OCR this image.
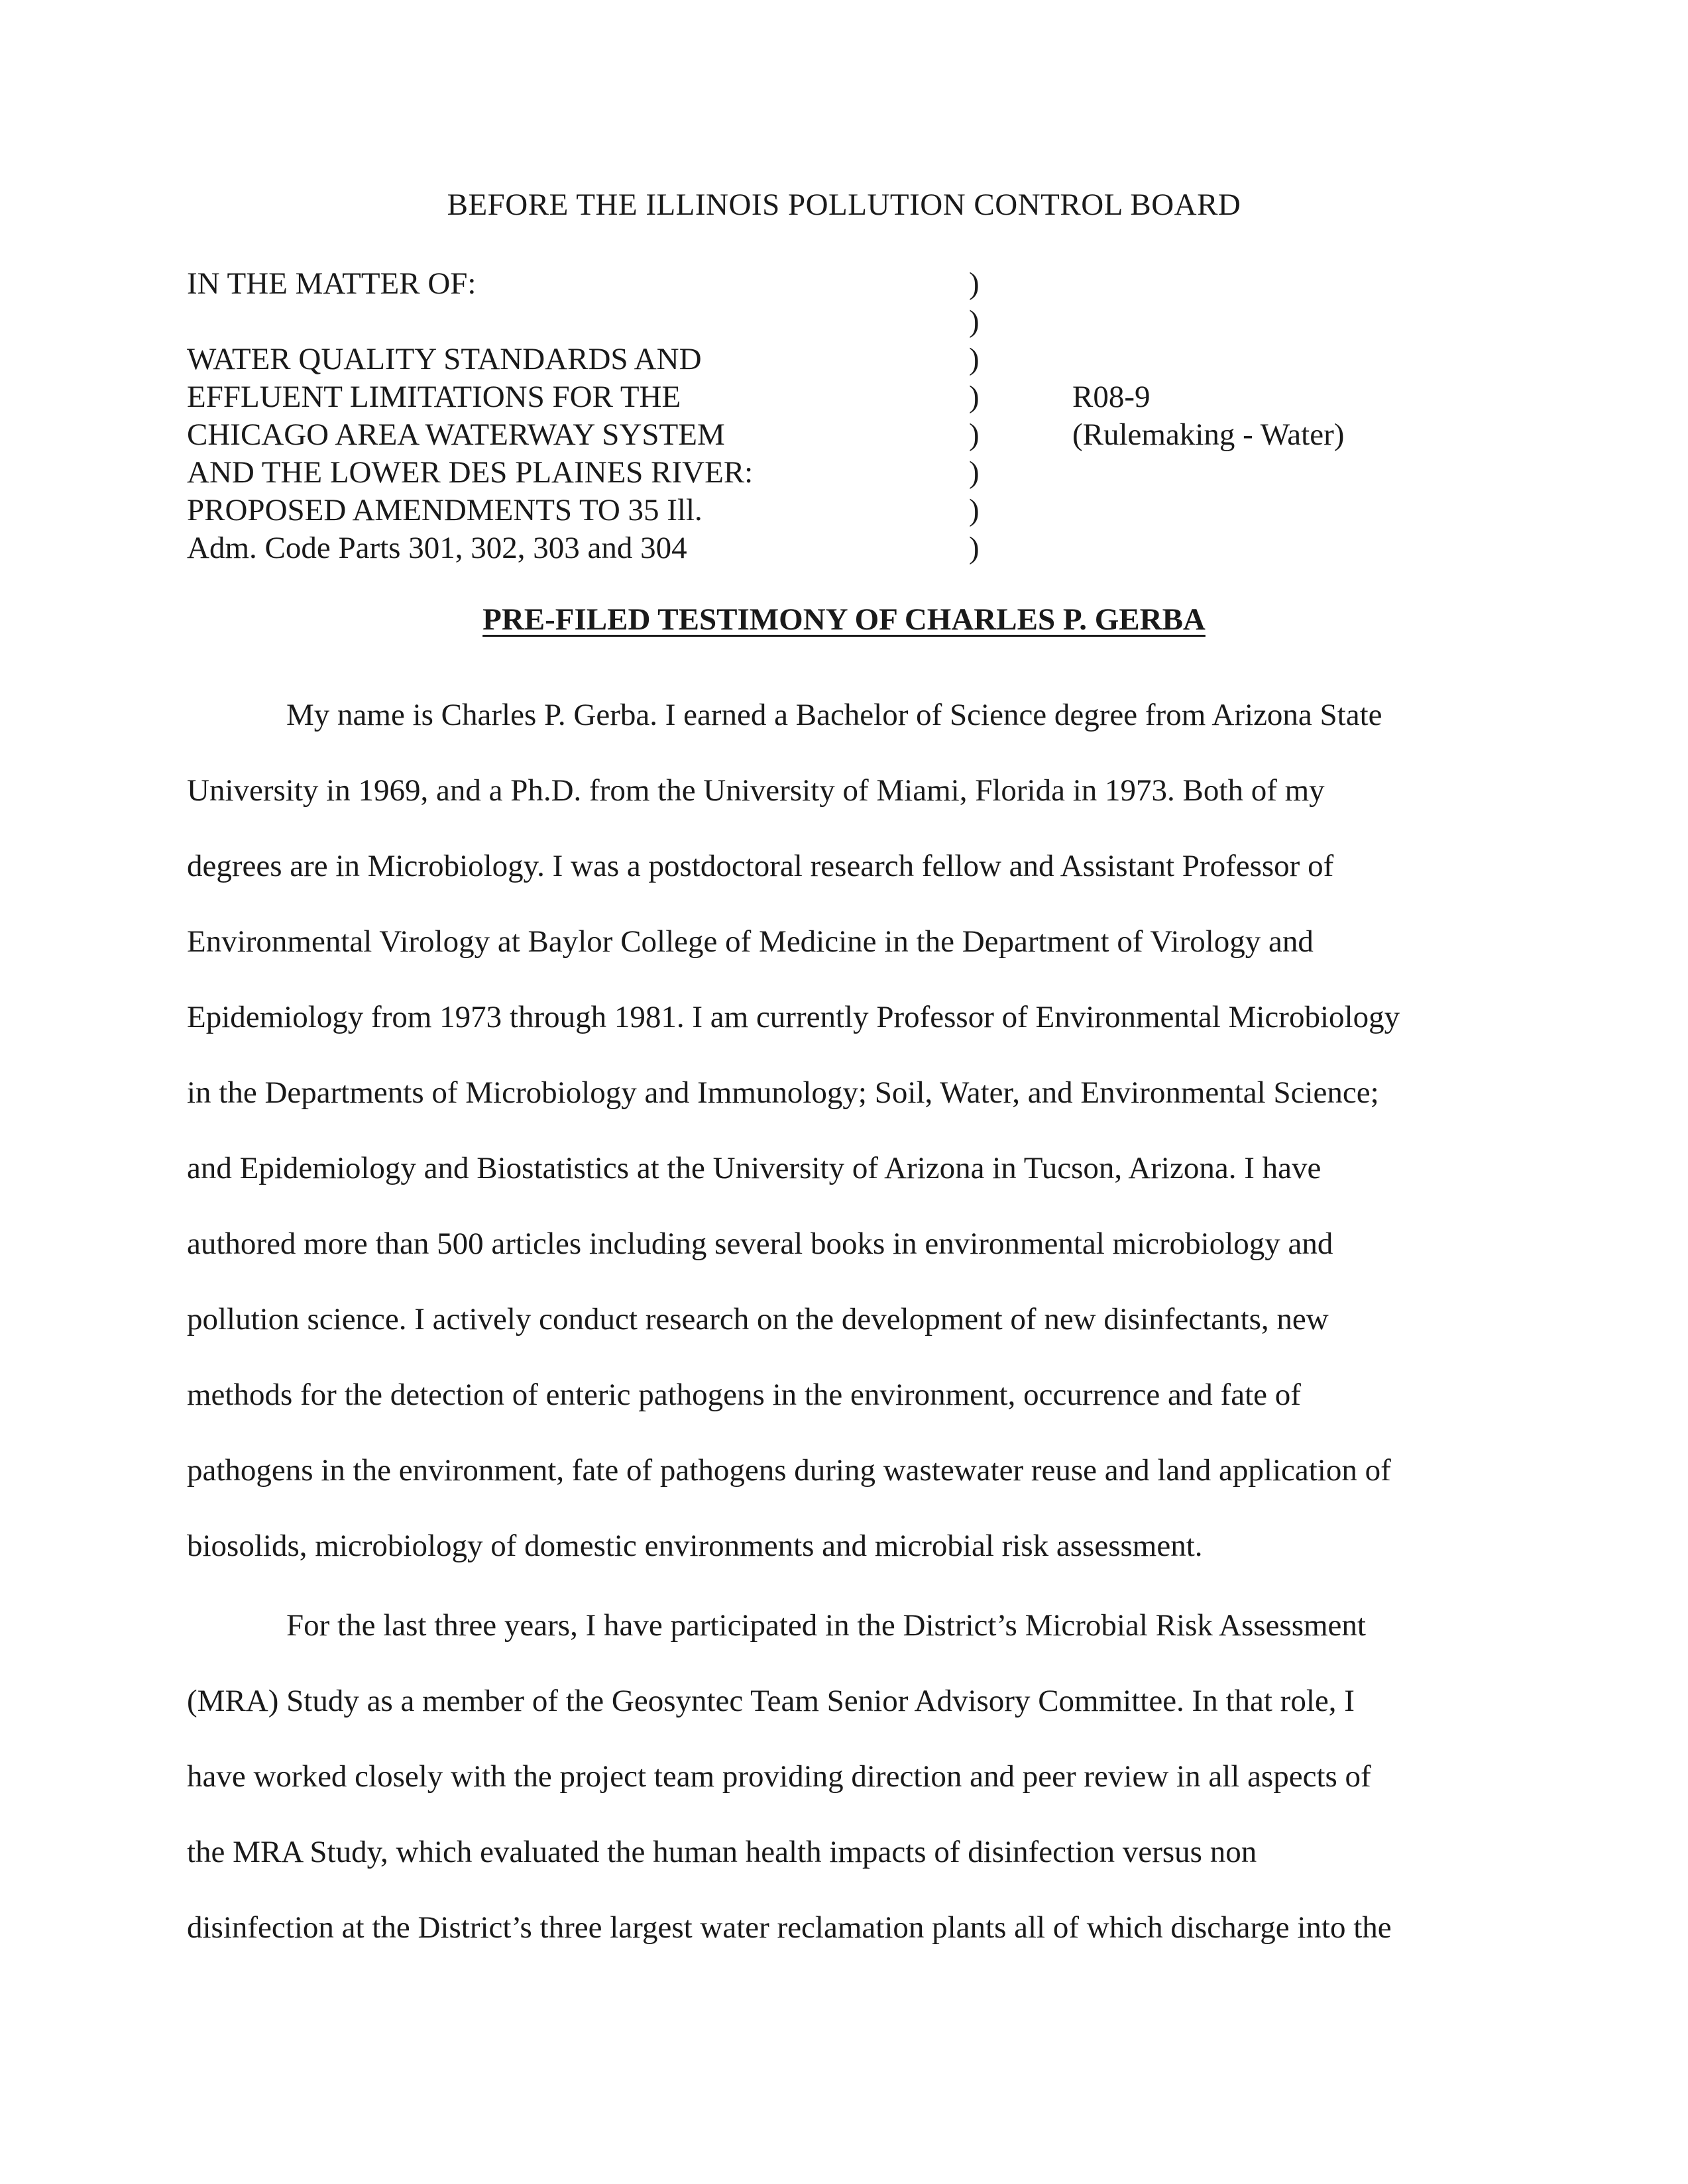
BEFORE THE ILLINOIS POLLUTION CONTROL BOARD
IN THE MATTER OF:
WATER QUALITY STANDARDS AND
EFFLUENT LIMITATIONS FOR THE
CHICAGO AREA WATERWAY SYSTEM
AND THE LOWER DES PLAINES RIVER:
PROPOSED AMENDMENTS TO 35 Ill.
Adm. Code Parts 301, 302, 303 and 304
)
)
)
)
)
)
)
)
R08-9
(Rulemaking - Water)
PRE-FILED TESTIMONY OF CHARLES P. GERBA
My name is Charles P. Gerba. I earned a Bachelor of Science degree from Arizona State
University in 1969, and a Ph.D. from the University of Miami, Florida in 1973. Both of my
degrees are in Microbiology. I was a postdoctoral research fellow and Assistant Professor of
Environmental Virology at Baylor College of Medicine in the Department of Virology and
Epidemiology from 1973 through 1981. I am currently Professor of Environmental Microbiology
in the Departments of Microbiology and Immunology; Soil, Water, and Environmental Science;
and Epidemiology and Biostatistics at the University of Arizona in Tucson, Arizona. I have
authored more than 500 articles including several books in environmental microbiology and
pollution science. I actively conduct research on the development of new disinfectants, new
methods for the detection of enteric pathogens in the environment, occurrence and fate of
pathogens in the environment, fate of pathogens during wastewater reuse and land application of
biosolids, microbiology of domestic environments and microbial risk assessment.
For the last three years, I have participated in the District’s Microbial Risk Assessment
(MRA) Study as a member of the Geosyntec Team Senior Advisory Committee. In that role, I
have worked closely with the project team providing direction and peer review in all aspects of
the MRA Study, which evaluated the human health impacts of disinfection versus non
disinfection at the District’s three largest water reclamation plants all of which discharge into the
